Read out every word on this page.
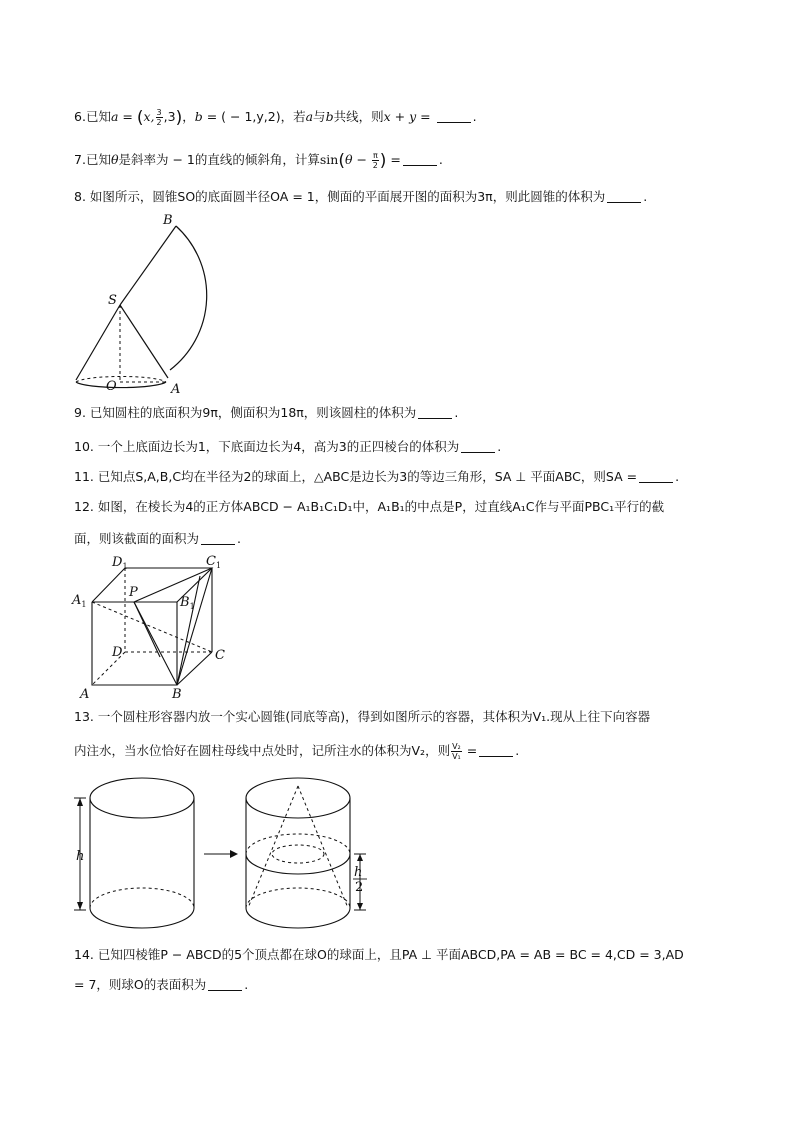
6.已知a = (x, $\frac{3}{2} ,3$)，b = ( − 1,y,2)，若a与b共线，则x + y =	.
7.已知θ是斜率为 − 1的直线的倾斜角，计算$\sin(\theta - \frac{\pi}{2}$ ) =	.
8. 如图所示，圆锥SO的底面圆半径OA = 1，侧面的平面展开图的面积为3π，则此圆锥的体积为	.
B
S
O	A
9. 已知圆柱的底面积为9π，侧面积为18π，则该圆柱的体积为	.
10. 一个上底面边长为1，下底面边长为4，高为3的正四棱台的体积为	.
11. 已知点S,A,B,C均在半径为2的球面上，△ABC是边长为3的等边三角形，SA ⊥ 平面ABC，则SA =	.
12. 如图，在棱长为4的正方体ABCD − A₁B₁C₁D₁中，A₁B₁的中点是P，过直线A₁C作与平面PBC₁平行的截
面，则该截面的面积为	.
$D_1$	$C_1$
$A_1$
P
$B_1$
D	C
A	B
13. 一个圆柱形容器内放一个实心圆锥(同底等高)，得到如图所示的容器，其体积为V₁.现从上往下向容器
内注水，当水位恰好在圆柱母线中点处时，记所注水的体积为V₂，则 $\frac{\text{V₂}}{\text{V₁}}$ =	.
h
h
2
14. 已知四棱锥P − ABCD的5个顶点都在球O的球面上，且PA ⊥ 平面ABCD,PA = AB = BC = 4,CD = 3,AD
= 7，则球O的表面积为	.
